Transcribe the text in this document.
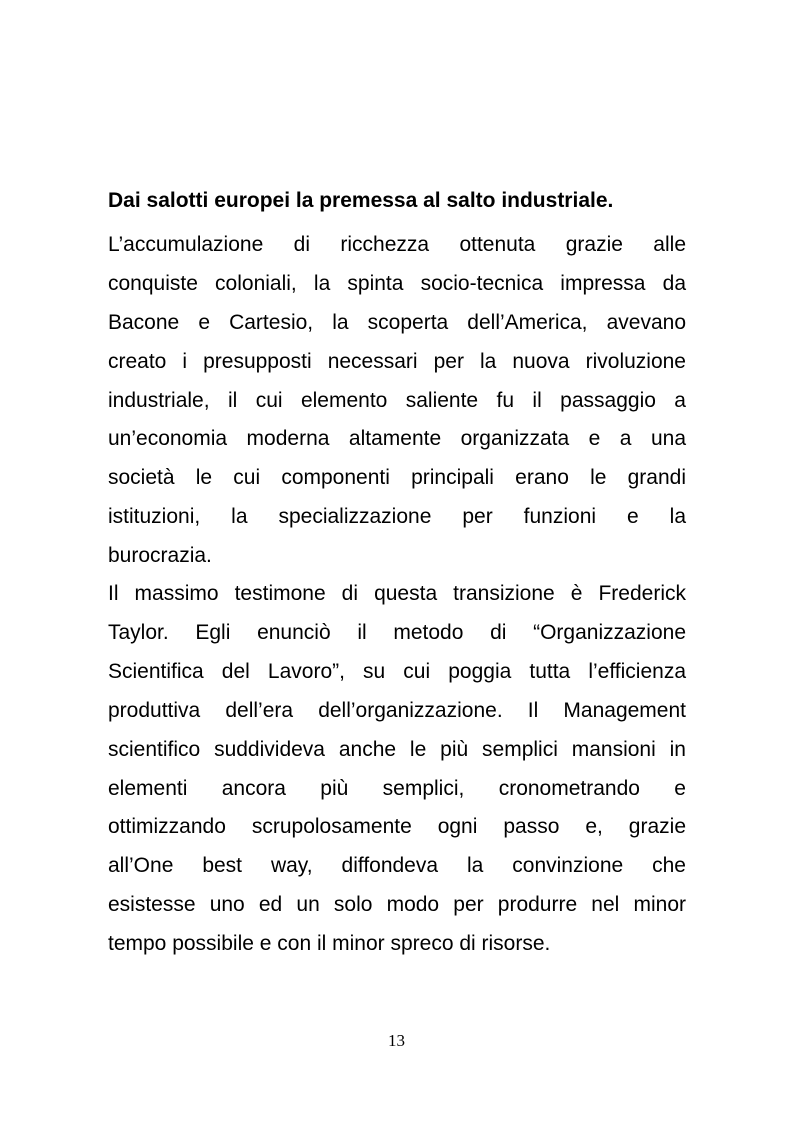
Dai salotti europei la premessa al salto industriale.

L’accumulazione di ricchezza ottenuta grazie alle

conquiste coloniali, la spinta socio-tecnica impressa da

Bacone e Cartesio, la scoperta dell’America, avevano

creato i presupposti necessari per la nuova rivoluzione

industriale, il cui elemento saliente fu il passaggio a

un’economia moderna altamente organizzata e a una

società le cui componenti principali erano le grandi

istituzioni, la specializzazione per funzioni e la

burocrazia.

Il massimo testimone di questa transizione è Frederick

Taylor. Egli enunciò il metodo di “Organizzazione

Scientifica del Lavoro”, su cui poggia tutta l’efficienza

produttiva dell’era dell’organizzazione. Il Management

scientifico suddivideva anche le più semplici mansioni in

elementi ancora più semplici, cronometrando e

ottimizzando scrupolosamente ogni passo e, grazie

all’One best way, diffondeva la convinzione che

esistesse uno ed un solo modo per produrre nel minor

tempo possibile e con il minor spreco di risorse.

13
